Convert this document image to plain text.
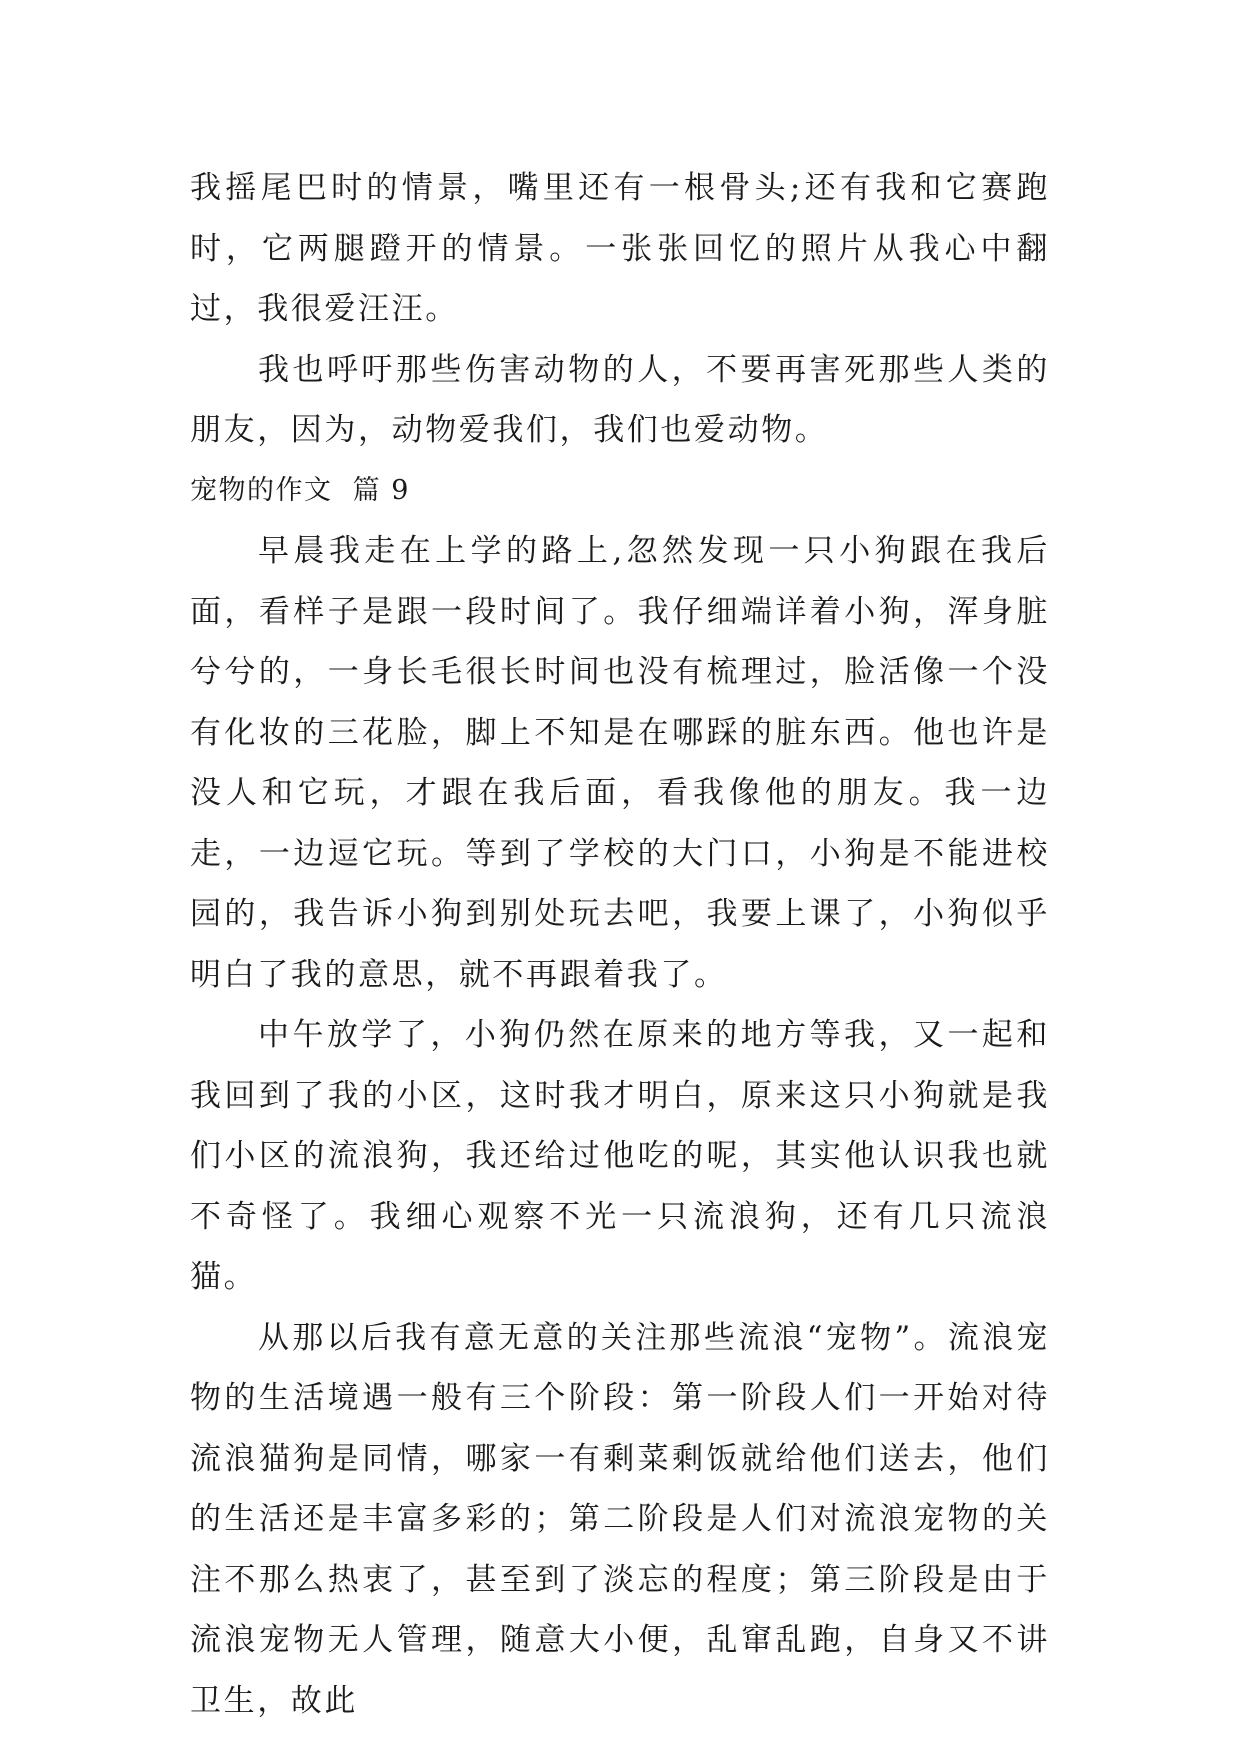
我摇尾巴时的情景，嘴里还有一根骨头;还有我和它赛跑时，它两腿蹬开的情景。一张张回忆的照片从我心中翻过，我很爱汪汪。

我也呼吁那些伤害动物的人，不要再害死那些人类的朋友，因为，动物爱我们，我们也爱动物。

宠物的作文  篇 9

早晨我走在上学的路上,忽然发现一只小狗跟在我后面，看样子是跟一段时间了。我仔细端详着小狗，浑身脏兮兮的，一身长毛很长时间也没有梳理过，脸活像一个没有化妆的三花脸，脚上不知是在哪踩的脏东西。他也许是没人和它玩，才跟在我后面，看我像他的朋友。我一边走，一边逗它玩。等到了学校的大门口，小狗是不能进校园的，我告诉小狗到别处玩去吧，我要上课了，小狗似乎明白了我的意思，就不再跟着我了。

中午放学了，小狗仍然在原来的地方等我，又一起和我回到了我的小区，这时我才明白，原来这只小狗就是我们小区的流浪狗，我还给过他吃的呢，其实他认识我也就不奇怪了。我细心观察不光一只流浪狗，还有几只流浪猫。

从那以后我有意无意的关注那些流浪“宠物”。流浪宠物的生活境遇一般有三个阶段：第一阶段人们一开始对待流浪猫狗是同情，哪家一有剩菜剩饭就给他们送去，他们的生活还是丰富多彩的；第二阶段是人们对流浪宠物的关注不那么热衷了，甚至到了淡忘的程度；第三阶段是由于流浪宠物无人管理，随意大小便，乱窜乱跑，自身又不讲卫生，故此
